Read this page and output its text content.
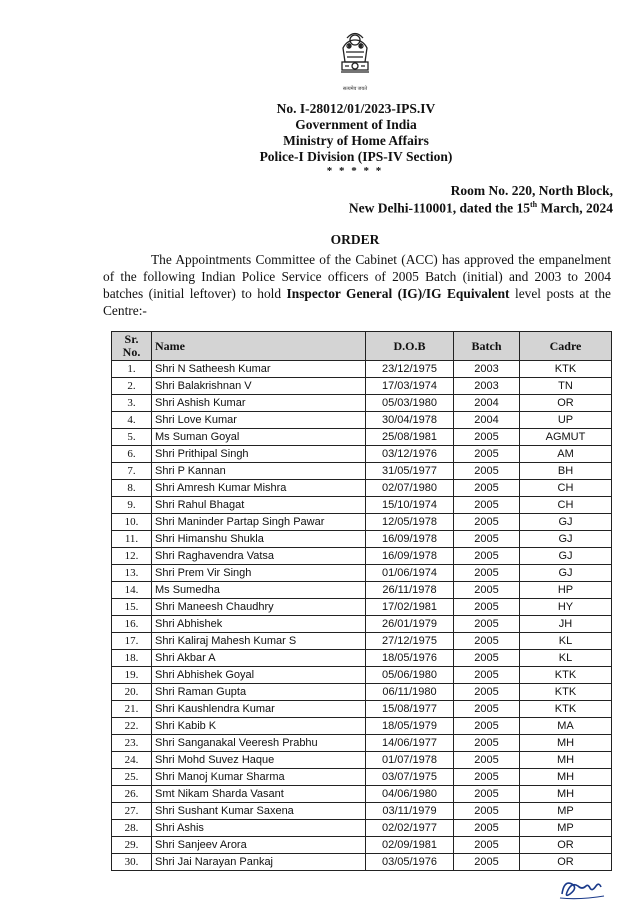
सत्यमेव जयते
No. I-28012/01/2023-IPS.IV
Government of India
Ministry of Home Affairs
Police-I Division (IPS-IV Section)
* * * * *
Room No. 220, North Block,
New Delhi-110001, dated the 15th March, 2024
ORDER
The Appointments Committee of the Cabinet (ACC) has approved the empanelment of the following Indian Police Service officers of 2005 Batch (initial) and 2003 to 2004 batches (initial leftover) to hold Inspector General (IG)/IG Equivalent level posts at the Centre:-
Sr. No.	Name	D.O.B	Batch	Cadre
1.	Shri N Satheesh Kumar	23/12/1975	2003	KTK
2.	Shri Balakrishnan V	17/03/1974	2003	TN
3.	Shri Ashish Kumar	05/03/1980	2004	OR
4.	Shri Love Kumar	30/04/1978	2004	UP
5.	Ms Suman Goyal	25/08/1981	2005	AGMUT
6.	Shri Prithipal Singh	03/12/1976	2005	AM
7.	Shri P Kannan	31/05/1977	2005	BH
8.	Shri Amresh Kumar Mishra	02/07/1980	2005	CH
9.	Shri Rahul Bhagat	15/10/1974	2005	CH
10.	Shri Maninder Partap Singh Pawar	12/05/1978	2005	GJ
11.	Shri Himanshu Shukla	16/09/1978	2005	GJ
12.	Shri Raghavendra Vatsa	16/09/1978	2005	GJ
13.	Shri Prem Vir Singh	01/06/1974	2005	GJ
14.	Ms Sumedha	26/11/1978	2005	HP
15.	Shri Maneesh Chaudhry	17/02/1981	2005	HY
16.	Shri Abhishek	26/01/1979	2005	JH
17.	Shri Kaliraj Mahesh Kumar S	27/12/1975	2005	KL
18.	Shri Akbar A	18/05/1976	2005	KL
19.	Shri Abhishek Goyal	05/06/1980	2005	KTK
20.	Shri Raman Gupta	06/11/1980	2005	KTK
21.	Shri Kaushlendra Kumar	15/08/1977	2005	KTK
22.	Shri Kabib K	18/05/1979	2005	MA
23.	Shri Sanganakal Veeresh Prabhu	14/06/1977	2005	MH
24.	Shri Mohd Suvez Haque	01/07/1978	2005	MH
25.	Shri Manoj Kumar Sharma	03/07/1975	2005	MH
26.	Smt Nikam Sharda Vasant	04/06/1980	2005	MH
27.	Shri Sushant Kumar Saxena	03/11/1979	2005	MP
28.	Shri Ashis	02/02/1977	2005	MP
29.	Shri Sanjeev Arora	02/09/1981	2005	OR
30.	Shri Jai Narayan Pankaj	03/05/1976	2005	OR
